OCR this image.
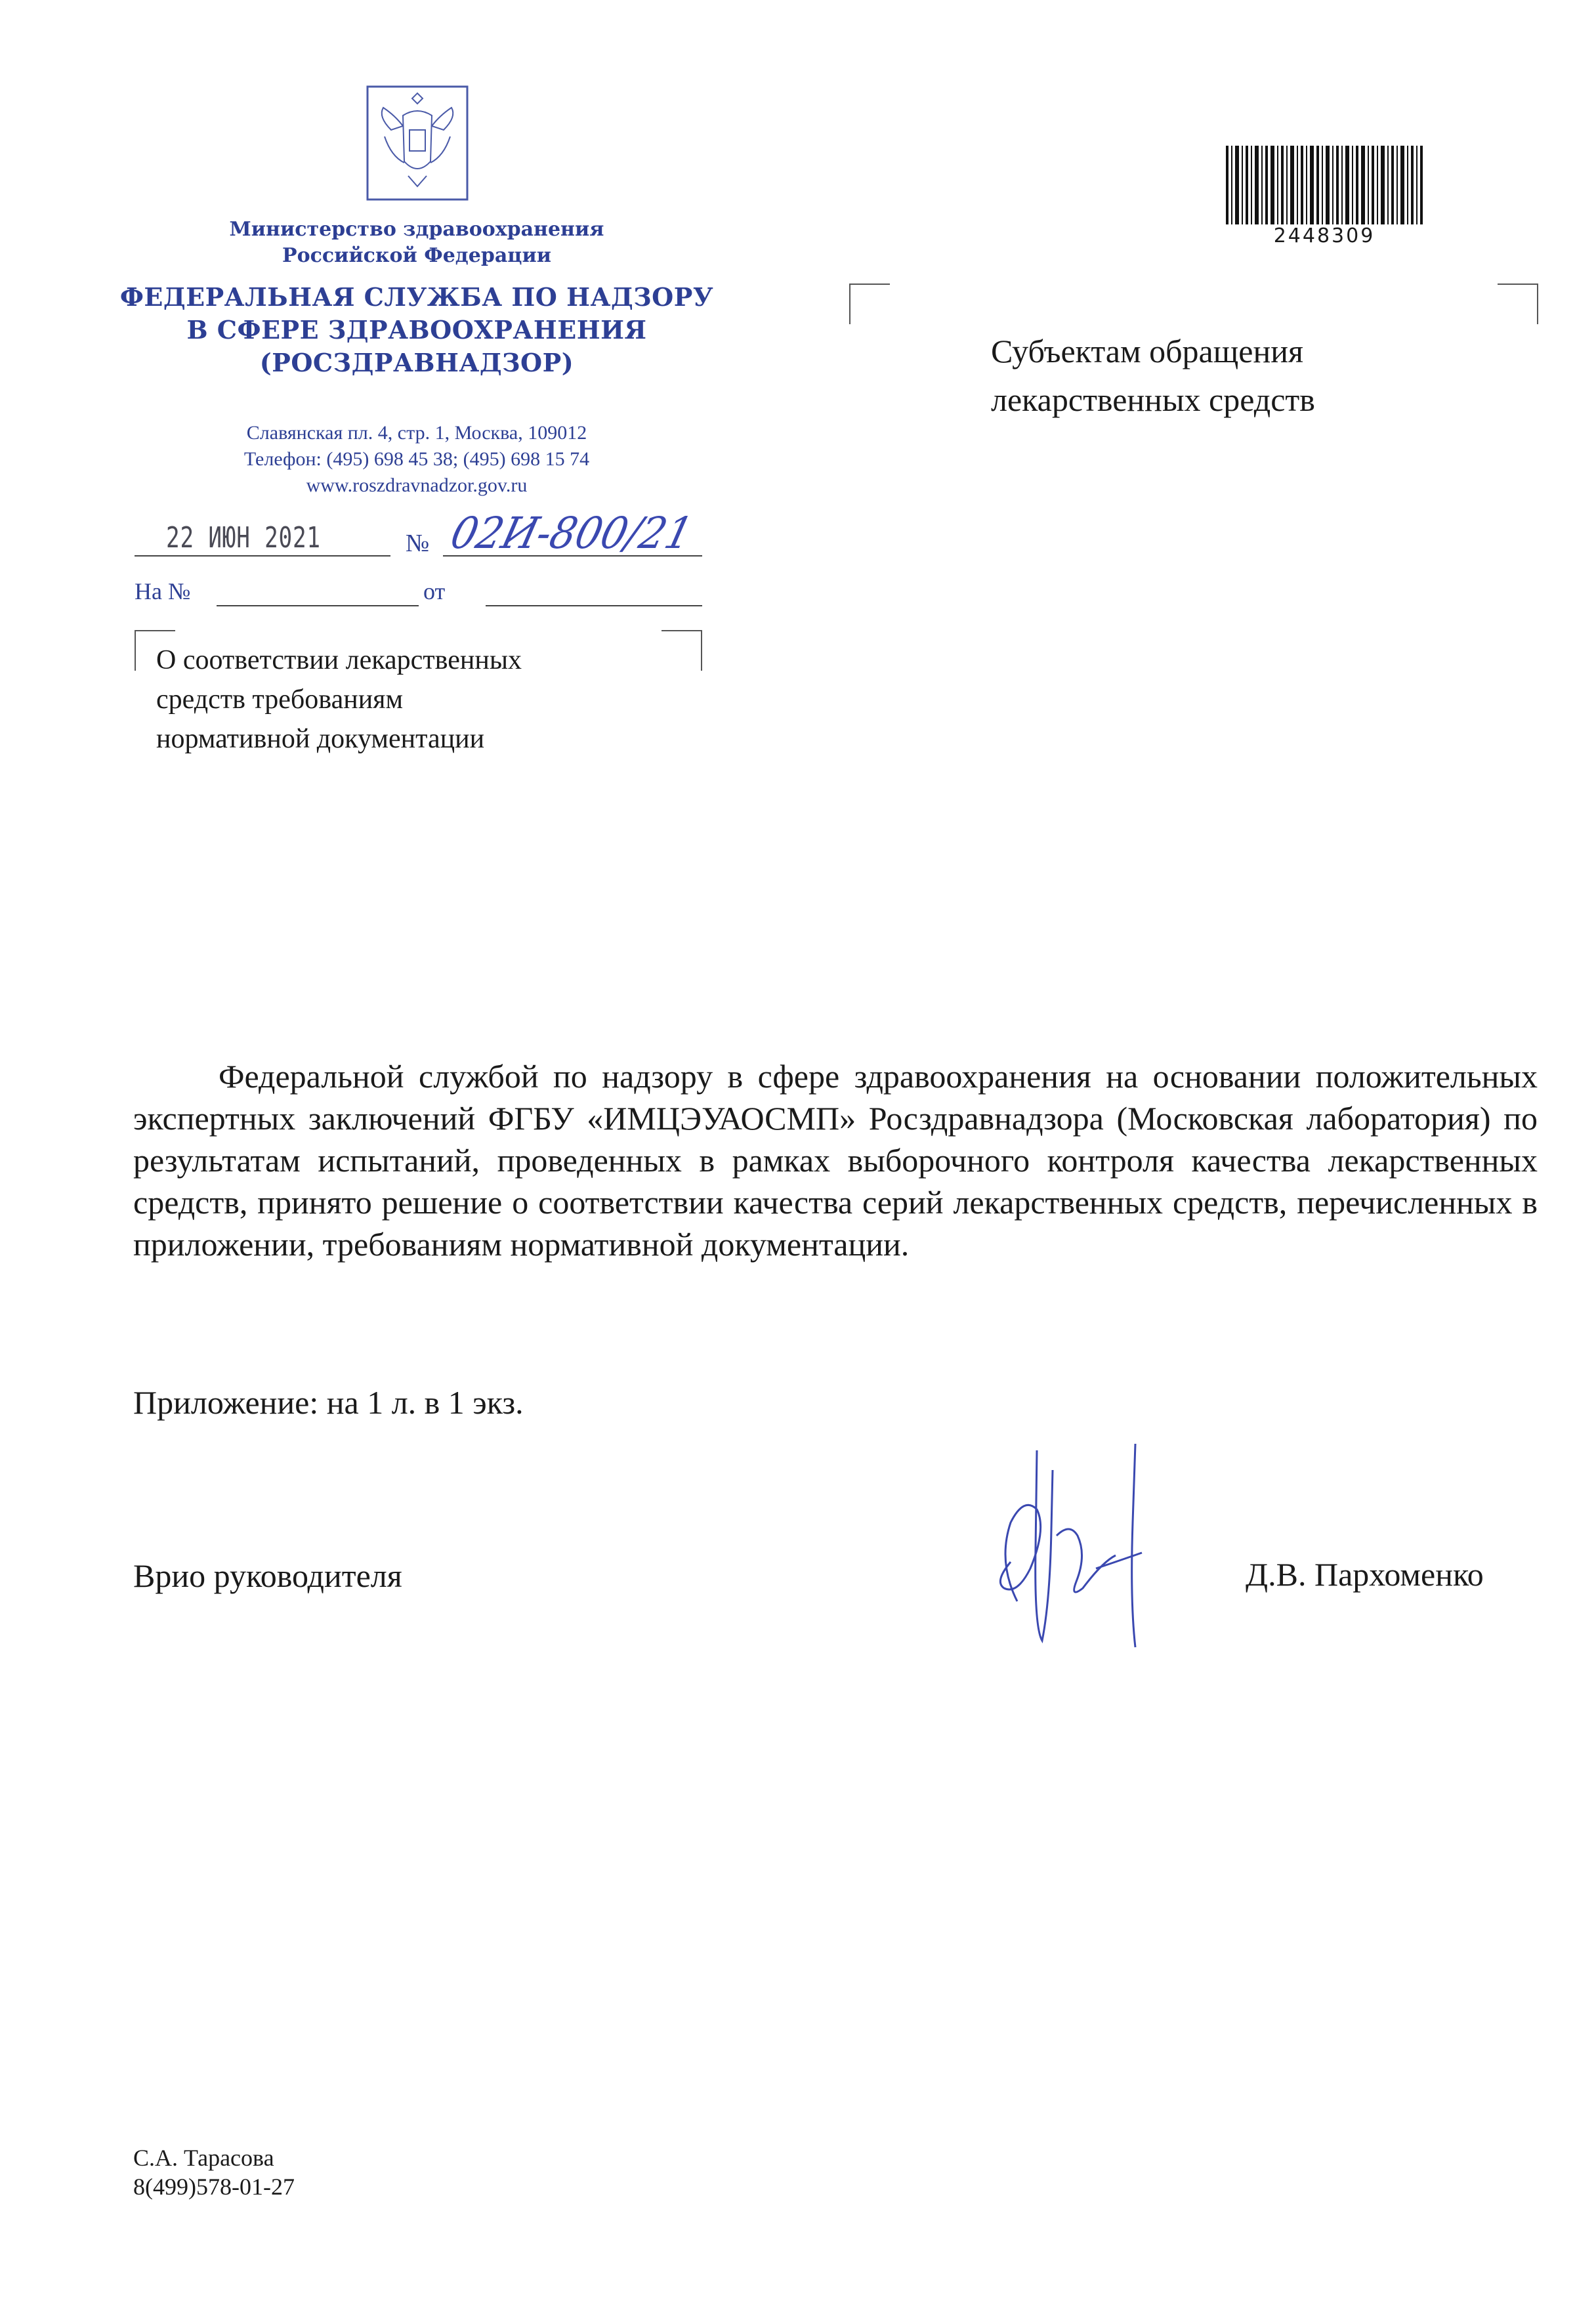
Министерство здравоохранения
Российской Федерации
ФЕДЕРАЛЬНАЯ СЛУЖБА ПО НАДЗОРУ
В СФЕРЕ ЗДРАВООХРАНЕНИЯ
(РОСЗДРАВНАДЗОР)
Славянская пл. 4, стр. 1, Москва, 109012
Телефон: (495) 698 45 38; (495) 698 15 74
www.roszdravnadzor.gov.ru
22 ИЮН 2021	№ 02И-800/21
На №	от
О соответствии лекарственных
средств требованиям
нормативной документации
2448309
Субъектам обращения
лекарственных средств

Федеральной службой по надзору в сфере здравоохранения на основании положительных экспертных заключений ФГБУ «ИМЦЭУАОСМП» Росздравнадзора (Московская лаборатория) по результатам испытаний, проведенных в рамках выборочного контроля качества лекарственных средств, принято решение о соответствии качества серий лекарственных средств, перечисленных в приложении, требованиям нормативной документации.

Приложение: на 1 л. в 1 экз.
Врио руководителя	Д.В. Пархоменко
С.А. Тарасова
8(499)578-01-27
